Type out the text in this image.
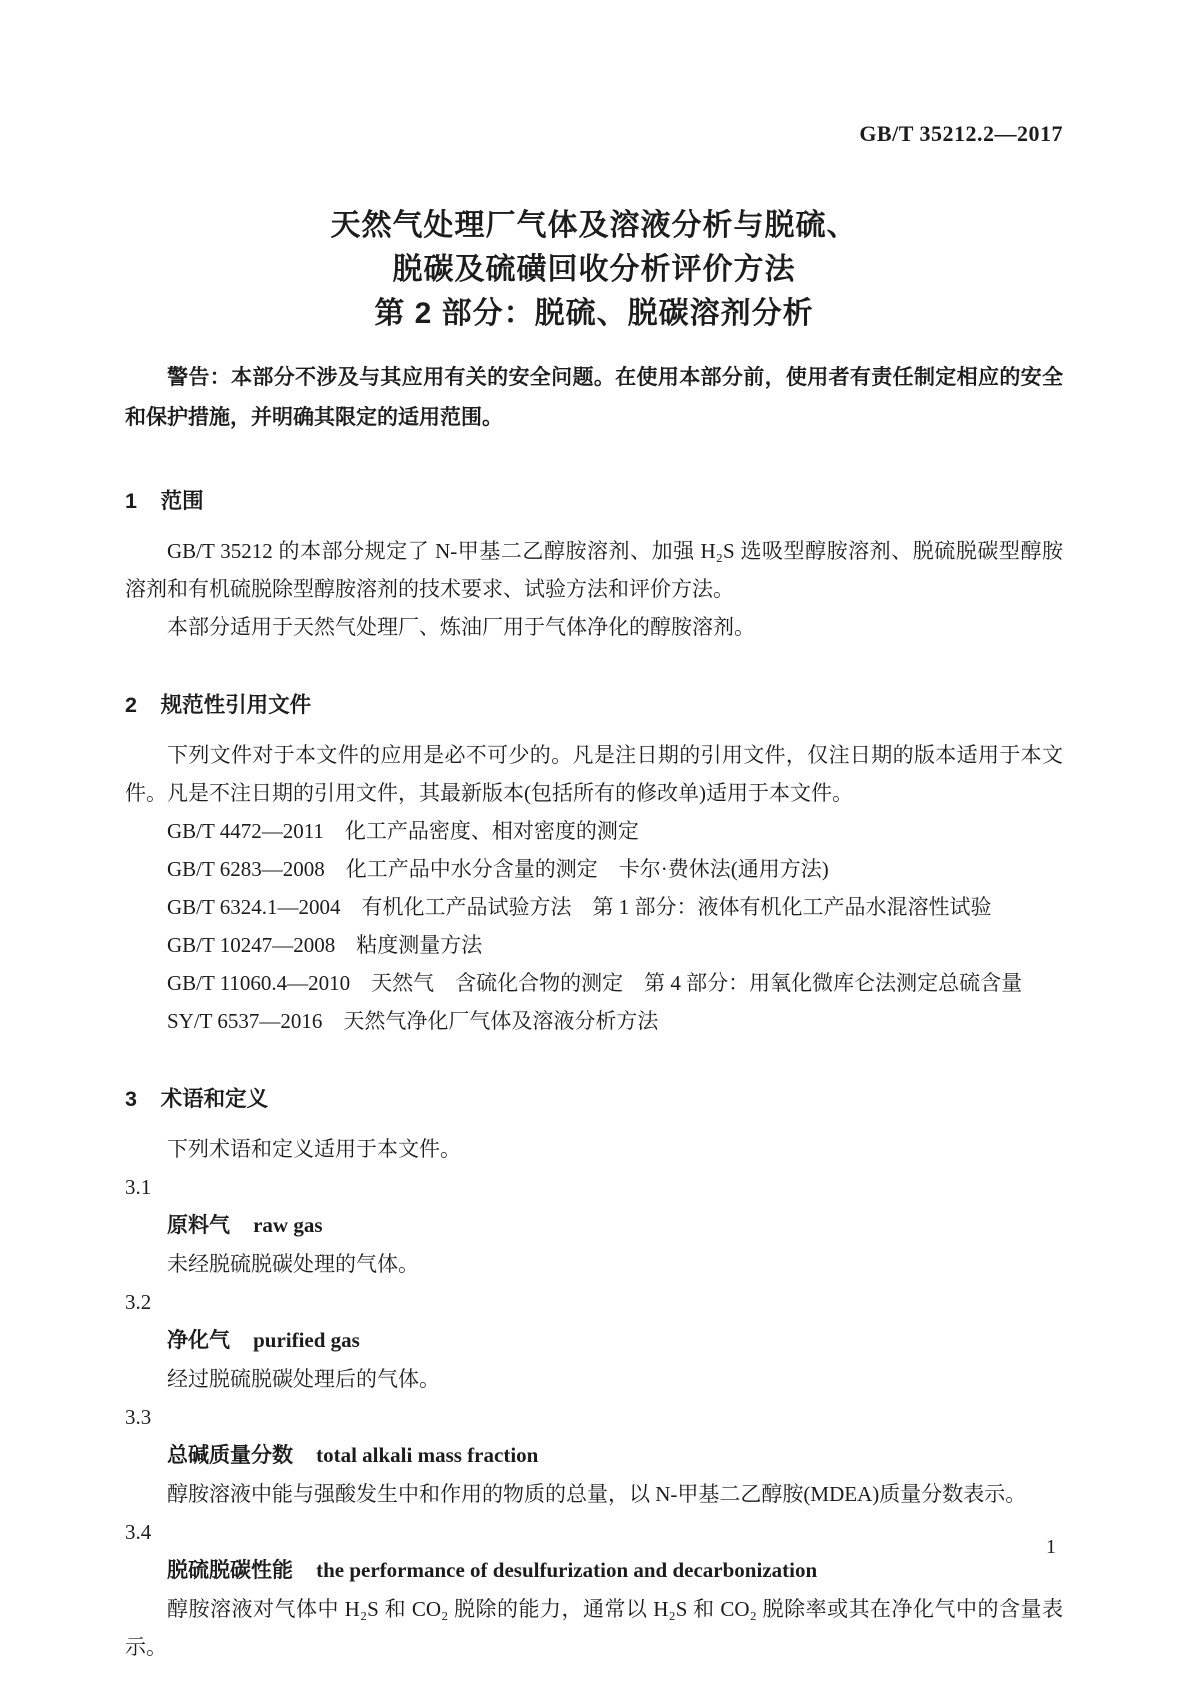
GB/T 35212.2—2017
天然气处理厂气体及溶液分析与脱硫、
脱碳及硫磺回收分析评价方法
第 2 部分：脱硫、脱碳溶剂分析

警告：本部分不涉及与其应用有关的安全问题。在使用本部分前，使用者有责任制定相应的安全和保护措施，并明确其限定的适用范围。

1 范围

GB/T 35212 的本部分规定了 N-甲基二乙醇胺溶剂、加强 H₂S 选吸型醇胺溶剂、脱硫脱碳型醇胺溶剂和有机硫脱除型醇胺溶剂的技术要求、试验方法和评价方法。

本部分适用于天然气处理厂、炼油厂用于气体净化的醇胺溶剂。

2 规范性引用文件

下列文件对于本文件的应用是必不可少的。凡是注日期的引用文件，仅注日期的版本适用于本文件。凡是不注日期的引用文件，其最新版本(包括所有的修改单)适用于本文件。

GB/T 4472—2011　化工产品密度、相对密度的测定

GB/T 6283—2008　化工产品中水分含量的测定　卡尔·费休法(通用方法)

GB/T 6324.1—2004　有机化工产品试验方法　第 1 部分：液体有机化工产品水混溶性试验

GB/T 10247—2008　粘度测量方法

GB/T 11060.4—2010　天然气　含硫化合物的测定　第 4 部分：用氧化微库仑法测定总硫含量

SY/T 6537—2016　天然气净化厂气体及溶液分析方法

3 术语和定义

下列术语和定义适用于本文件。

3.1
原料气 raw gas

未经脱硫脱碳处理的气体。

3.2
净化气 purified gas

经过脱硫脱碳处理后的气体。

3.3
总碱质量分数 total alkali mass fraction

醇胺溶液中能与强酸发生中和作用的物质的总量，以 N-甲基二乙醇胺(MDEA)质量分数表示。

3.4
脱硫脱碳性能 the performance of desulfurization and decarbonization

醇胺溶液对气体中 H₂S 和 CO₂ 脱除的能力，通常以 H₂S 和 CO₂ 脱除率或其在净化气中的含量表示。

1
